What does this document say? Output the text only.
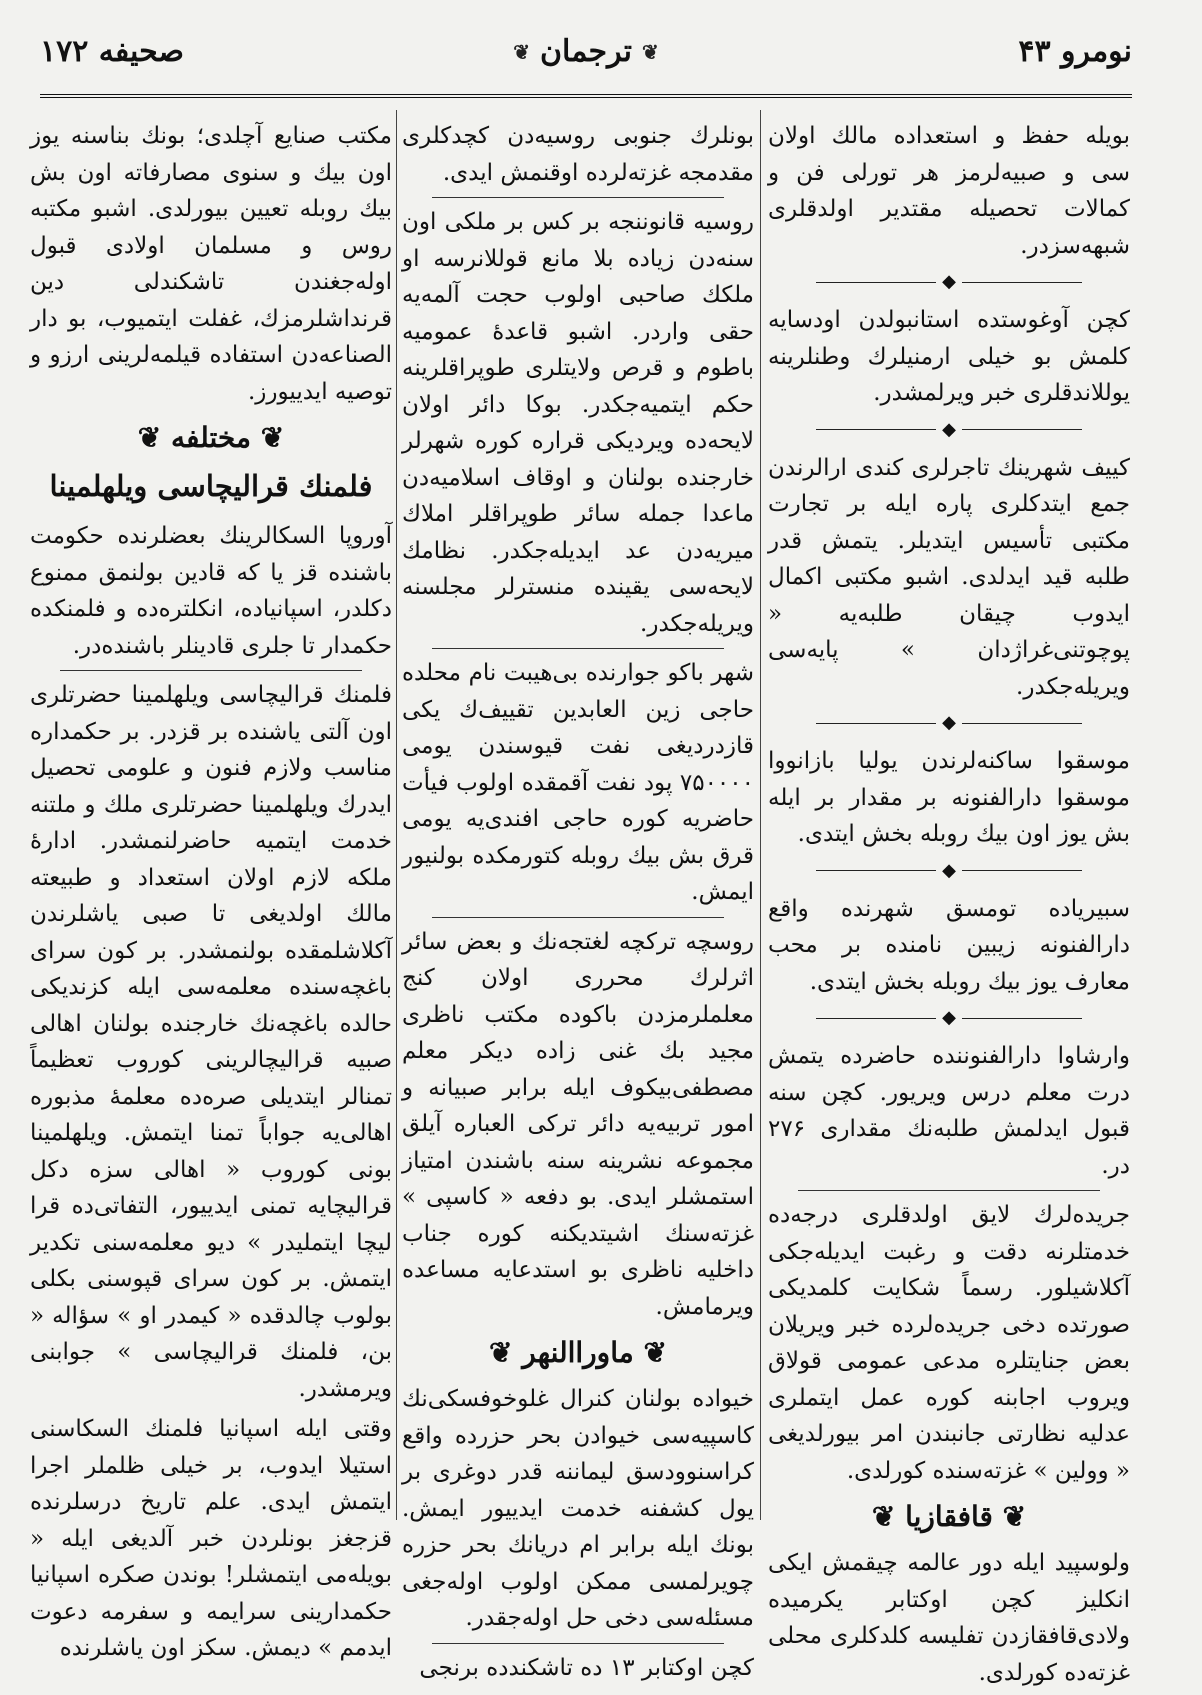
صحيفه ۱۷۲	❦
ترجمان
❦	نومرو ۴۳

بويله حفظ و استعداده مالك اولان سى و صبيه‌لرمز هر تورلى فن و كمالات تحصيله مقتدير اولدقلرى شبهه‌سزدر.

◆

كچن آوغوستده استانبولدن اودسايه كلمش بو خيلى ارمنيلرك وطنلرينه يوللاندقلرى خبر ويرلمشدر.

◆

كييف شهرينك تاجرلرى كندى ارالرندن جمع ايتدكلرى پاره ايله بر تجارت مكتبى تأسيس ايتديلر. يتمش قدر طلبه قيد ايدلدى. اشبو مكتبى اكمال ايدوب چيقان طلبه‌يه « پوچوتنى‌غراژدان » پايه‌سى ويريله‌جكدر.

◆

موسقوا ساكنه‌لرندن يوليا بازانووا موسقوا دارالفنونه بر مقدار بر ايله بش يوز اون بيك روبله بخش ايتدى.

◆

سبيرياده تومسق شهرنده واقع دارالفنونه زيبين نامنده بر محب معارف يوز بيك روبله بخش ايتدى.

◆

وارشاوا دارالفنوننده حاضرده يتمش درت معلم درس ويريور. كچن سنه قبول ايدلمش طلبه‌نك مقدارى ۲۷۶ در.

جريده‌لرك لايق اولدقلرى درجه‌ده خدمتلرنه دقت و رغبت ايديله‌جكى آكلاشيلور. رسماً شكايت كلمديكى صورتده دخى جريده‌لرده خبر ويريلان بعض جنايتلره مدعى عمومى قولاق ويروب اجابنه كوره عمل ايتملرى عدليه نظارتى جانبندن امر بيورلديغى « وولين » غزته‌سنده كورلدى.

❦ قافقازيا ❦

ولوسپيد ايله دور عالمه چيقمش ايكى انكليز كچن اوكتابر يكرميده ولادى‌قافقازدن تفليسه كلدكلرى محلى غزته‌ده كورلدى.

بونلرك جنوبى روسيه‌دن كچدكلرى مقدمجه غزته‌لرده اوقنمش ايدى.

روسيه قانوننجه بر كس بر ملكى اون سنه‌دن زياده بلا مانع قوللانرسه او ملكك صاحبى اولوب حجت آلمه‌يه حقى واردر. اشبو قاعدهٔ عموميه باطوم و قرص ولايتلرى طوپراقلرينه حكم ايتميه‌جكدر. بوكا دائر اولان لايحه‌ده ويرديكى قراره كوره شهرلر خارجنده بولنان و اوقاف اسلاميه‌دن ماعدا جمله سائر طوپراقلر املاك ميريه‌دن عد ايديله‌جكدر. نظامك لايحه‌سى يقينده منسترلر مجلسنه ويريله‌جكدر.

شهر باكو جوارنده بى‌هيبت نام محلده حاجى زين العابدين تقييف‌ك يكى قازدرديغى نفت قيوسندن يومى ۷۵۰۰۰۰ پود نفت آقمقده اولوب فيأت حاضريه كوره حاجى افندى‌يه يومى قرق بش بيك روبله كتورمكده بولنيور ايمش.

روسچه تركچه لغتجه‌نك و بعض سائر اثرلرك محررى اولان كنج معلملرمزدن باكوده مكتب ناظرى مجيد بك غنى زاده ديكر معلم مصطفى‌بيكوف ايله برابر صبيانه و امور تربيه‌يه دائر تركى العباره آيلق مجموعه نشرينه سنه باشندن امتياز استمشلر ايدى. بو دفعه « كاسپى » غزته‌سنك اشيتديكنه كوره جناب داخليه ناظرى بو استدعايه مساعده ويرمامش.

❦ ماوراالنهر ❦

خيواده بولنان كنرال غلوخوفسكى‌نك كاسپيه‌سى خيوادن بحر حزرده واقع كراسنوودسق ليماننه قدر دوغرى بر يول كشفنه خدمت ايدييور ايمش. بونك ايله برابر ام دريانك بحر حزره چويرلمسى ممكن اولوب اوله‌جغى مسئله‌سى دخى حل اوله‌جقدر.

كچن اوكتابر ۱۳ ده تاشكندده برنجى

مكتب صنايع آچلدى؛ بونك بناسنه يوز اون بيك و سنوى مصارفاته اون بش بيك روبله تعيين بيورلدى. اشبو مكتبه روس و مسلمان اولادى قبول اوله‌جغندن تاشكندلى دين قرنداشلرمزك، غفلت ايتميوب، بو دار الصناعه‌دن استفاده قيلمه‌لرينى ارزو و توصيه ايدييورز.

❦ مختلفه ❦
فلمنك قراليچاسى ويلهلمينا

آوروپا السكالرينك بعضلرنده حكومت باشنده قز يا كه قادين بولنمق ممنوع دكلدر، اسپانياده، انكلتره‌ده و فلمنكده حكمدار تا جلرى قادينلر باشنده‌در.

فلمنك قراليچاسى ويلهلمينا حضرتلرى اون آلتى ياشنده بر قزدر. بر حكمداره مناسب ولازم فنون و علومى تحصيل ايدرك ويلهلمينا حضرتلرى ملك و ملتنه خدمت ايتميه حاضرلنمشدر. ادارهٔ ملكه لازم اولان استعداد و طبيعته مالك اولديغى تا صبى ياشلرندن آكلاشلمقده بولنمشدر. بر كون سراى باغچه‌سنده معلمه‌سى ايله كزنديكى حالده باغچه‌نك خارجنده بولنان اهالى صبيه قراليچالرينى كوروب تعظيماً تمنالر ايتديلى صره‌ده معلمهٔ مذبوره اهالى‌يه جواباً تمنا ايتمش. ويلهلمينا بونى كوروب « اهالى سزه دكل قراليچايه تمنى ايدييور، التفاتى‌ده قرا ليچا ايتمليدر » ديو معلمه‌سنى تكدير ايتمش. بر كون سراى قپوسنى بكلى بولوب چالدقده « كيمدر او » سؤاله « بن، فلمنك قراليچاسى » جوابنى ويرمشدر.

وقتى ايله اسپانيا فلمنك السكاسنى استيلا ايدوب، بر خيلى ظلملر اجرا ايتمش ايدى. علم تاريخ درسلرنده قزجغز بونلردن خبر آلديغى ايله « بويله‌مى ايتمشلر! بوندن صكره اسپانيا حكمدارينى سرايمه و سفرمه دعوت ايدمم » ديمش. سكز اون ياشلرنده
